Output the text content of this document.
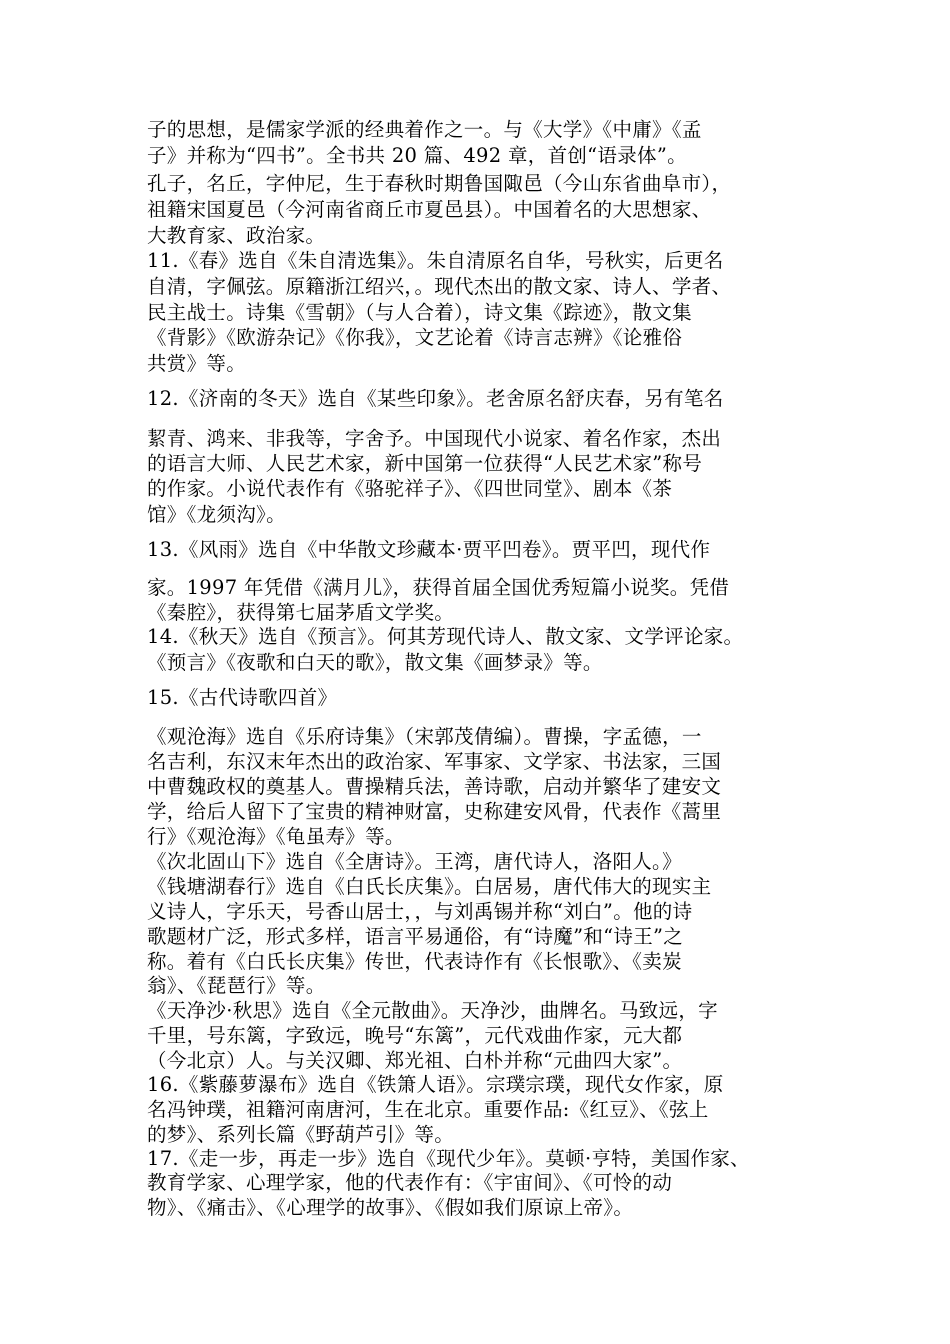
子的思想，是儒家学派的经典着作之一。与《大学》《中庸》《孟

子》并称为“四书”。全书共 20 篇、492 章，首创“语录体”。

孔子，名丘，字仲尼，生于春秋时期鲁国陬邑（今山东省曲阜市），

祖籍宋国夏邑（今河南省商丘市夏邑县）。中国着名的大思想家、

大教育家、政治家。

11.《春》选自《朱自清选集》。朱自清原名自华，号秋实，后更名

自清，字佩弦。原籍浙江绍兴，。现代杰出的散文家、诗人、学者、

民主战士。诗集《雪朝》（与人合着），诗文集《踪迹》，散文集

《背影》《欧游杂记》《你我》，文艺论着《诗言志辨》《论雅俗

共赏》等。

12.《济南的冬天》选自《某些印象》。老舍原名舒庆春，另有笔名

絜青、鸿来、非我等，字舍予。中国现代小说家、着名作家，杰出

的语言大师、人民艺术家，新中国第一位获得“人民艺术家”称号

的作家。小说代表作有《骆驼祥子》、《四世同堂》、剧本《茶

馆》《龙须沟》。

13.《风雨》选自《中华散文珍藏本·贾平凹卷》。贾平凹，现代作

家。1997 年凭借《满月儿》，获得首届全国优秀短篇小说奖。凭借

《秦腔》，获得第七届茅盾文学奖。

14.《秋天》选自《预言》。何其芳现代诗人、散文家、文学评论家。

《预言》《夜歌和白天的歌》，散文集《画梦录》等。

15.《古代诗歌四首》

《观沧海》选自《乐府诗集》（宋郭茂倩编）。曹操，字孟德，一

名吉利，东汉末年杰出的政治家、军事家、文学家、书法家，三国

中曹魏政权的奠基人。曹操精兵法，善诗歌，启动并繁华了建安文

学，给后人留下了宝贵的精神财富，史称建安风骨，代表作《蒿里

行》《观沧海》《龟虽寿》等。

《次北固山下》选自《全唐诗》。王湾，唐代诗人，洛阳人。》

《钱塘湖春行》选自《白氏长庆集》。白居易，唐代伟大的现实主

义诗人，字乐天，号香山居士，，与刘禹锡并称“刘白”。他的诗

歌题材广泛，形式多样，语言平易通俗，有“诗魔”和“诗王”之

称。着有《白氏长庆集》传世，代表诗作有《长恨歌》、《卖炭

翁》、《琵琶行》等。

《天净沙·秋思》选自《全元散曲》。天净沙，曲牌名。马致远，字

千里，号东篱，字致远，晚号“东篱”，元代戏曲作家，元大都

（今北京）人。与关汉卿、郑光祖、白朴并称“元曲四大家”。

16.《紫藤萝瀑布》选自《铁箫人语》。宗璞宗璞，现代女作家，原

名冯钟璞，祖籍河南唐河，生在北京。重要作品:《红豆》、《弦上

的梦》、系列长篇《野葫芦引》等。

17.《走一步，再走一步》选自《现代少年》。莫顿·亨特，美国作家、

教育学家、心理学家，他的代表作有：《宇宙间》、《可怜的动

物》、《痛击》、《心理学的故事》、《假如我们原谅上帝》。
